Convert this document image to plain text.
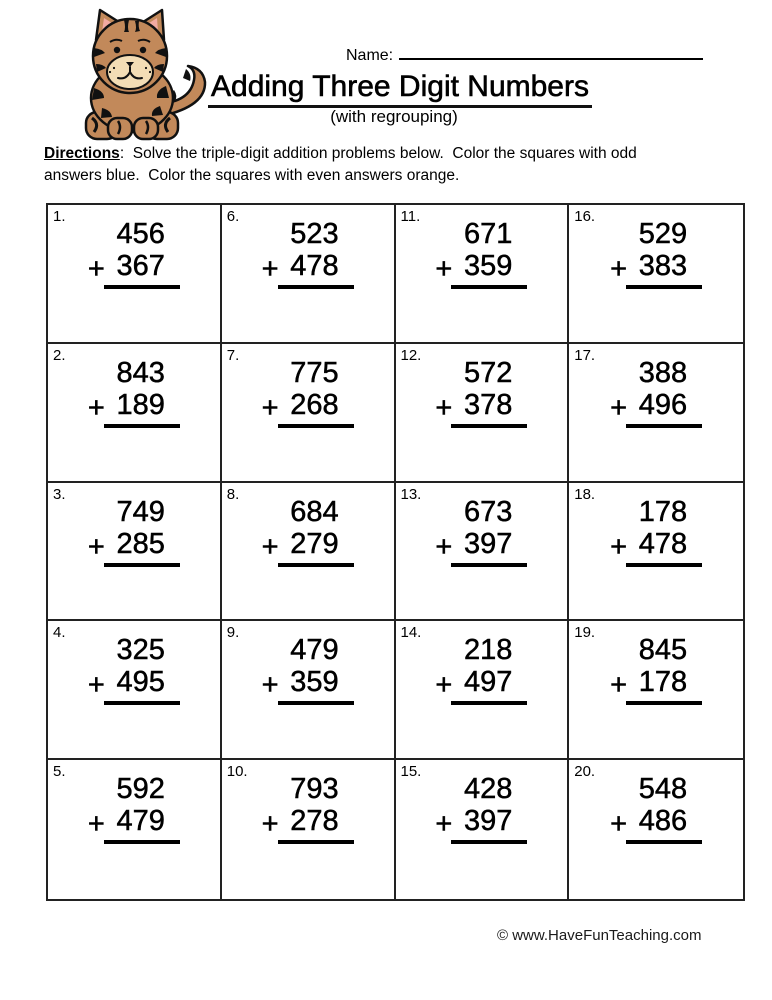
Name:
Adding Three Digit Numbers
(with regrouping)
Directions:  Solve the triple-digit addition problems below.  Color the squares with odd
answers blue.  Color the squares with even answers orange.
1.
456
+ 367
6.
523
+ 478
11.
671
+ 359
16.
529
+ 383
2.
843
+ 189
7.
775
+ 268
12.
572
+ 378
17.
388
+ 496
3.
749
+ 285
8.
684
+ 279
13.
673
+ 397
18.
178
+ 478
4.
325
+ 495
9.
479
+ 359
14.
218
+ 497
19.
845
+ 178
5.
592
+ 479
10.
793
+ 278
15.
428
+ 397
20.
548
+ 486
© www.HaveFunTeaching.com
